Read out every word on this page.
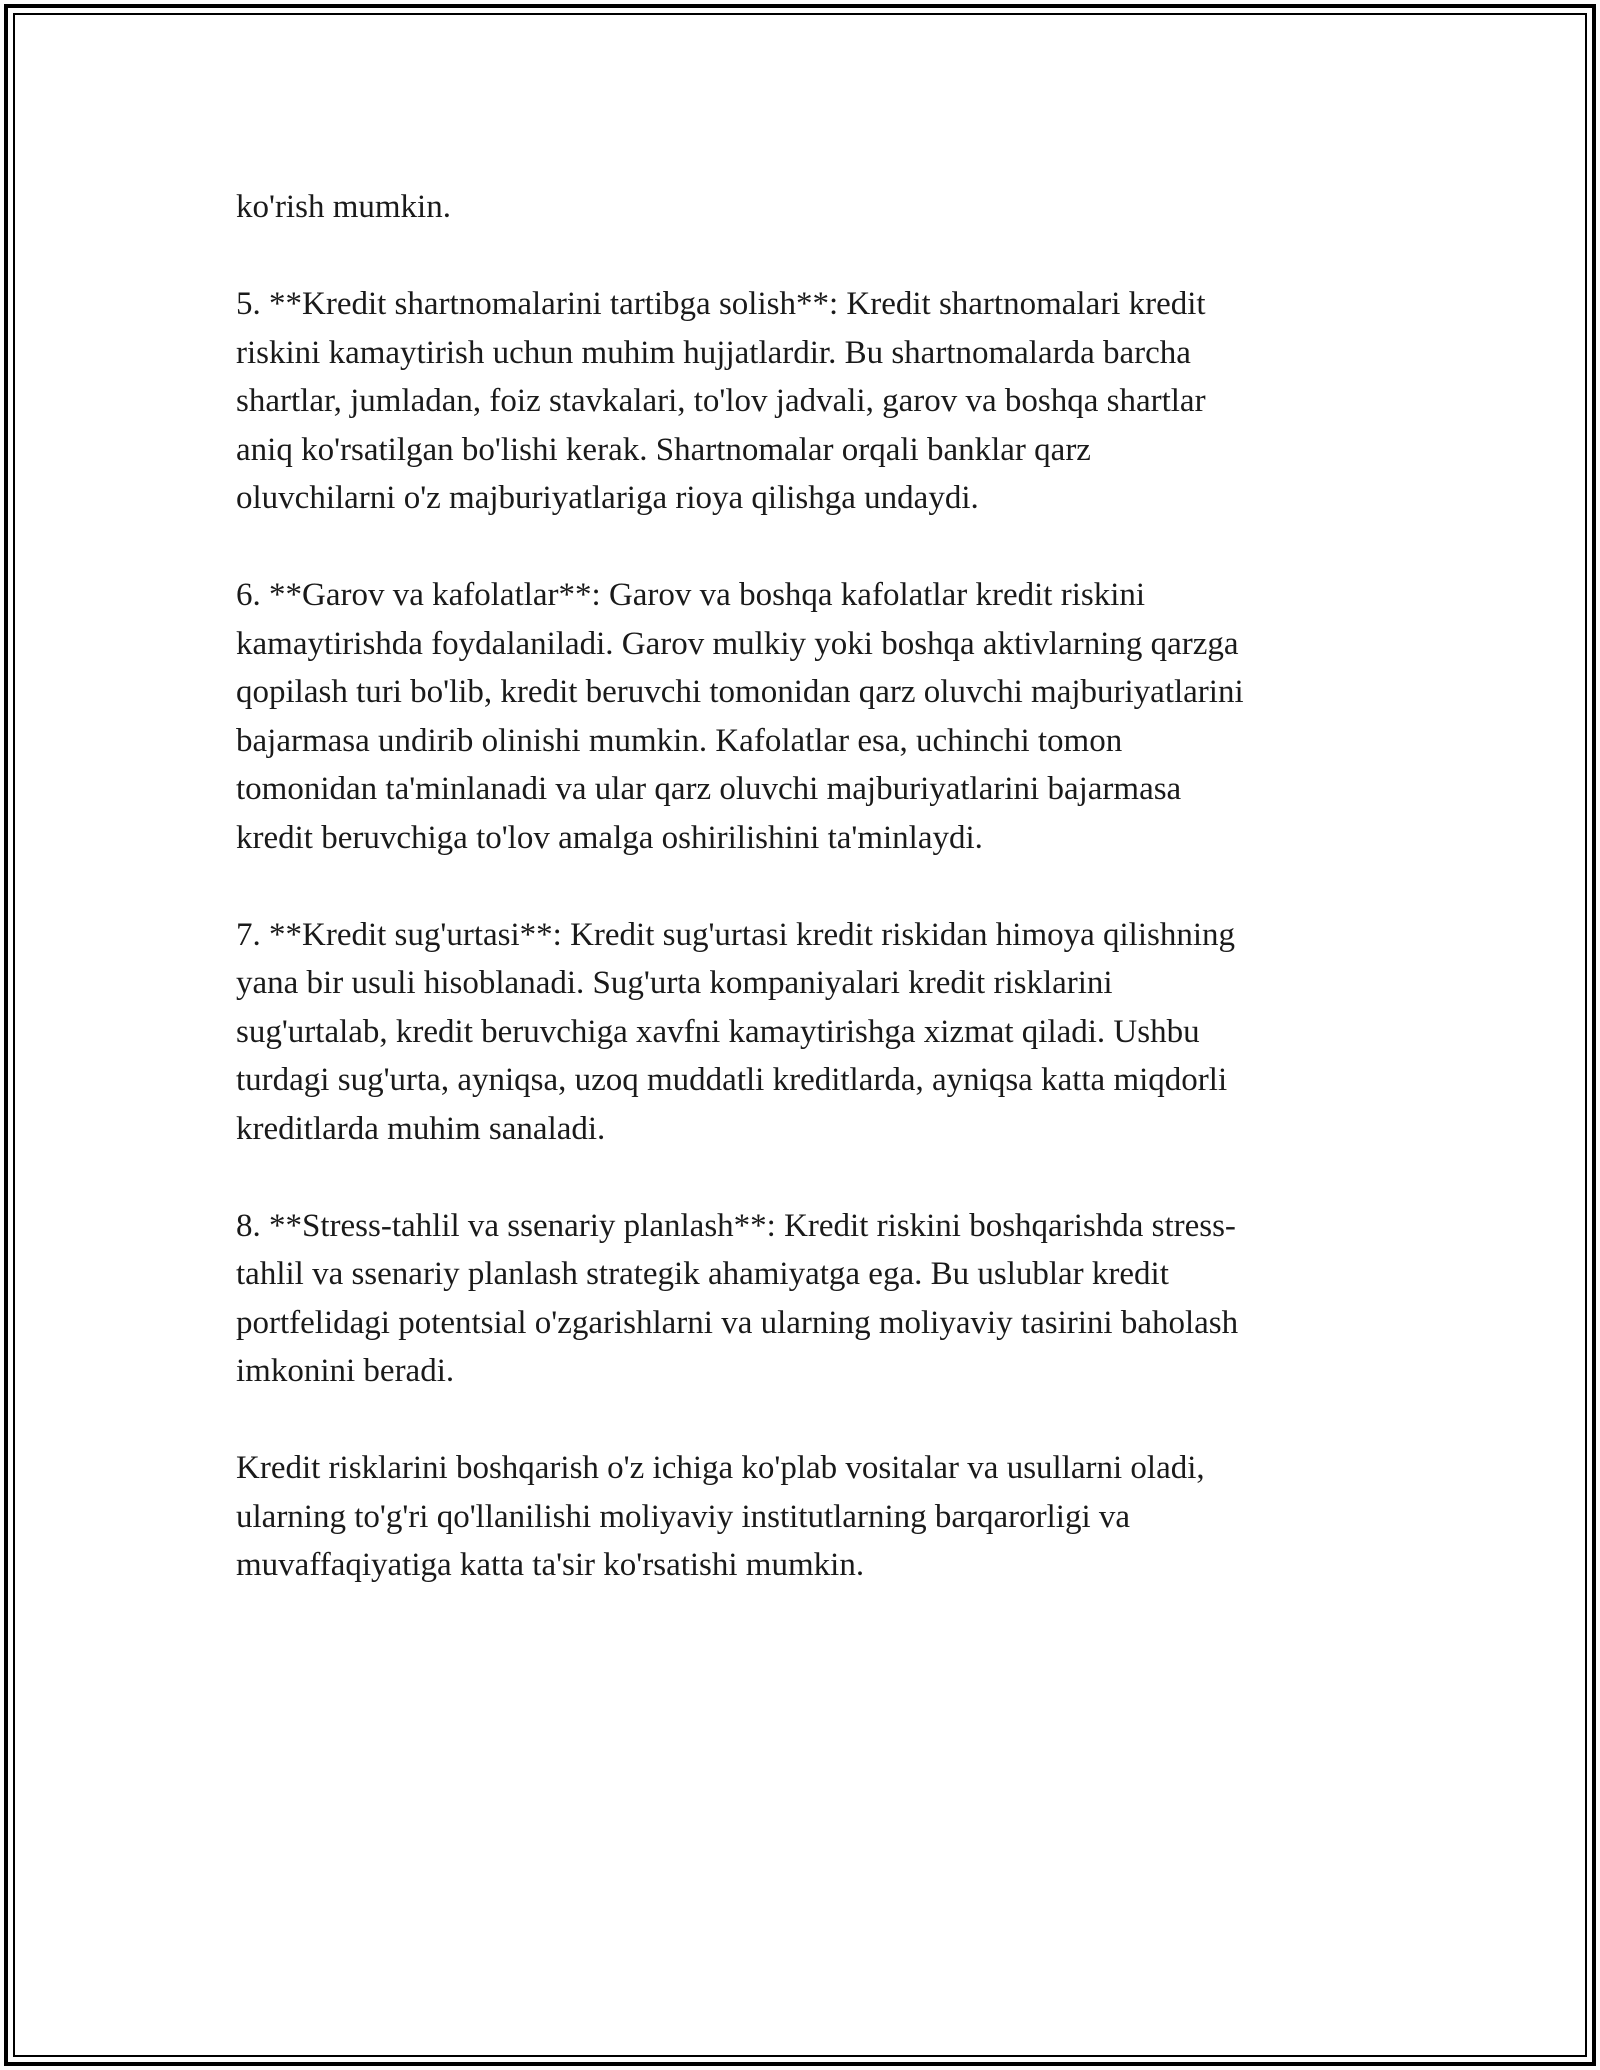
ko'rish mumkin.

5. **Kredit shartnomalarini tartibga solish**: Kredit shartnomalari kredit
riskini kamaytirish uchun muhim hujjatlardir. Bu shartnomalarda barcha
shartlar, jumladan, foiz stavkalari, to'lov jadvali, garov va boshqa shartlar
aniq ko'rsatilgan bo'lishi kerak. Shartnomalar orqali banklar qarz
oluvchilarni o'z majburiyatlariga rioya qilishga undaydi.

6. **Garov va kafolatlar**: Garov va boshqa kafolatlar kredit riskini
kamaytirishda foydalaniladi. Garov mulkiy yoki boshqa aktivlarning qarzga
qopilash turi bo'lib, kredit beruvchi tomonidan qarz oluvchi majburiyatlarini
bajarmasa undirib olinishi mumkin. Kafolatlar esa, uchinchi tomon
tomonidan ta'minlanadi va ular qarz oluvchi majburiyatlarini bajarmasa
kredit beruvchiga to'lov amalga oshirilishini ta'minlaydi.

7. **Kredit sug'urtasi**: Kredit sug'urtasi kredit riskidan himoya qilishning
yana bir usuli hisoblanadi. Sug'urta kompaniyalari kredit risklarini
sug'urtalab, kredit beruvchiga xavfni kamaytirishga xizmat qiladi. Ushbu
turdagi sug'urta, ayniqsa, uzoq muddatli kreditlarda, ayniqsa katta miqdorli
kreditlarda muhim sanaladi.

8. **Stress-tahlil va ssenariy planlash**: Kredit riskini boshqarishda stress-
tahlil va ssenariy planlash strategik ahamiyatga ega. Bu uslublar kredit
portfelidagi potentsial o'zgarishlarni va ularning moliyaviy tasirini baholash
imkonini beradi.

Kredit risklarini boshqarish o'z ichiga ko'plab vositalar va usullarni oladi,
ularning to'g'ri qo'llanilishi moliyaviy institutlarning barqarorligi va
muvaffaqiyatiga katta ta'sir ko'rsatishi mumkin.
